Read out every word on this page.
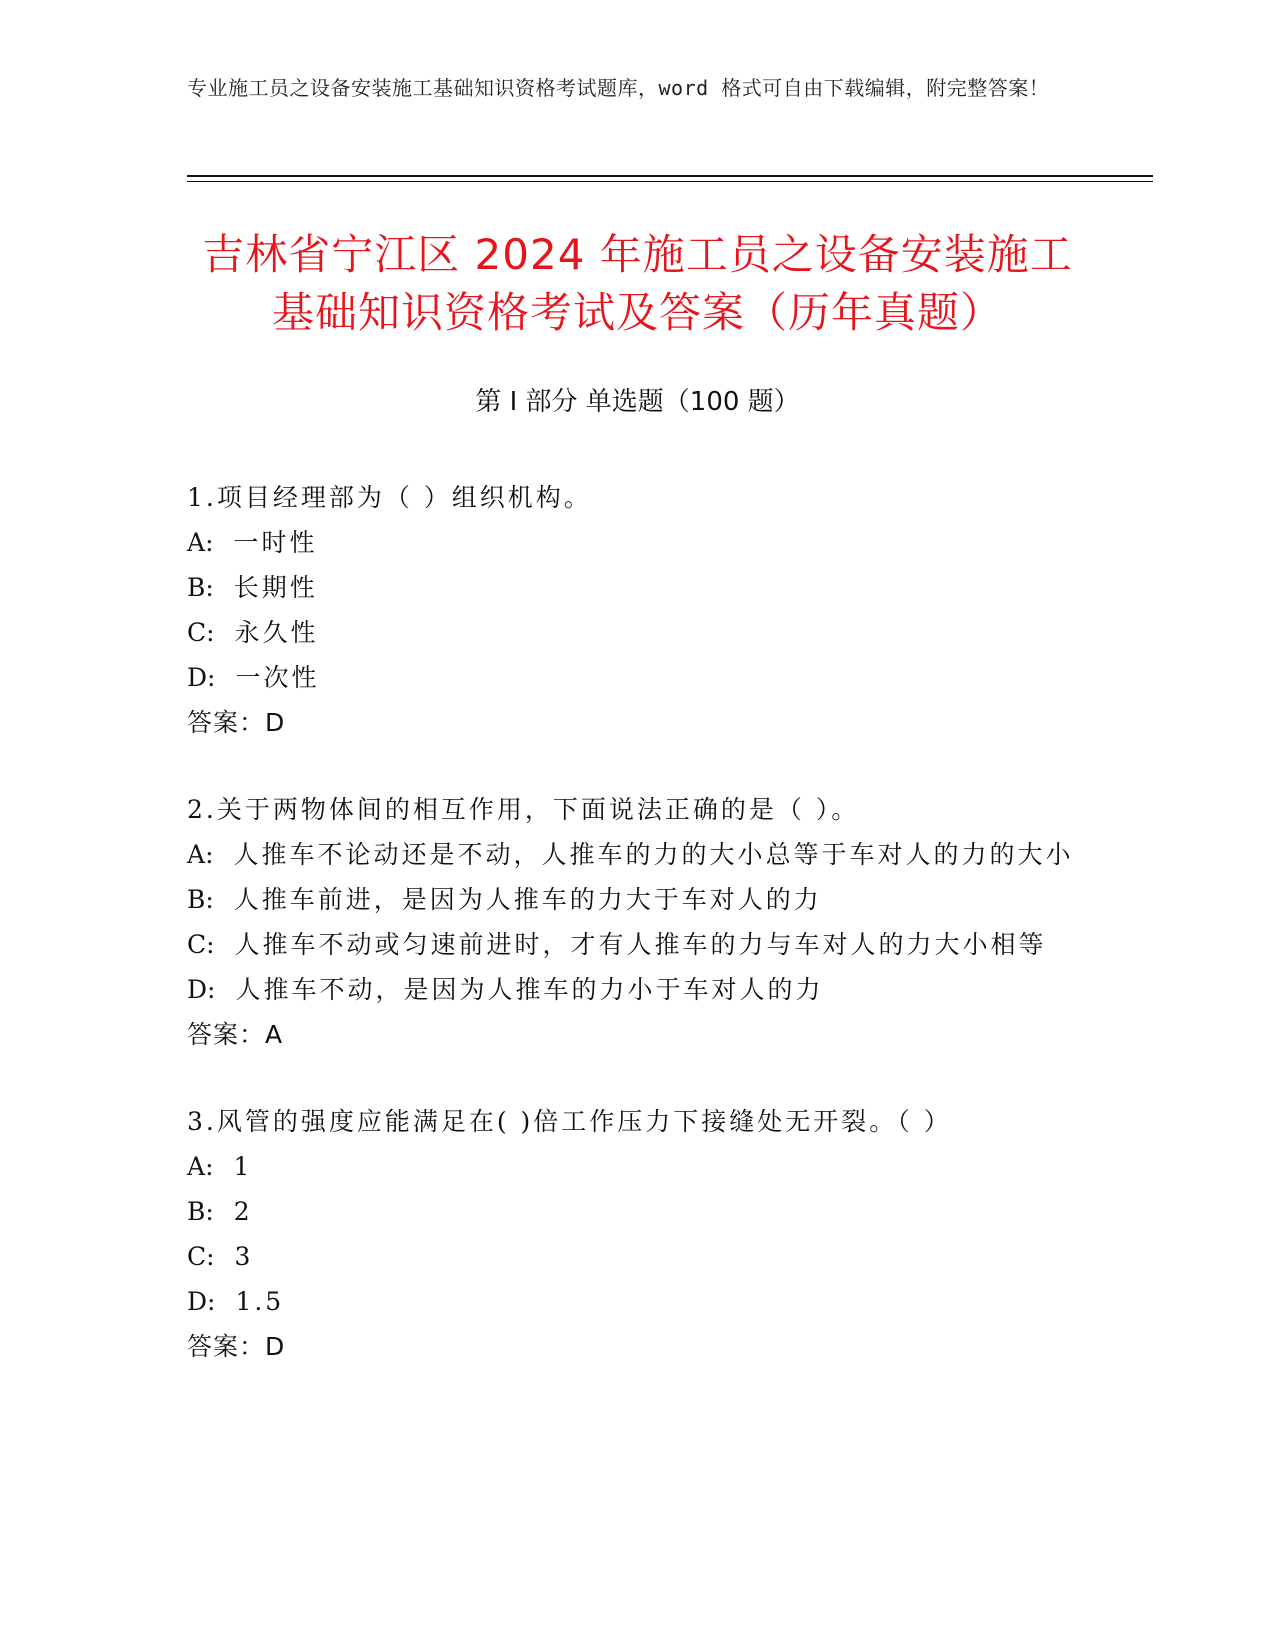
专业施工员之设备安装施工基础知识资格考试题库，word 格式可自由下载编辑，附完整答案！
吉林省宁江区 2024 年施工员之设备安装施工
基础知识资格考试及答案（历年真题）
第 I 部分 单选题（100 题）

1.项目经理部为（ ）组织机构。

A: 一时性

B: 长期性

C: 永久性

D: 一次性

答案：D

2.关于两物体间的相互作用，下面说法正确的是（ ）。

A: 人推车不论动还是不动，人推车的力的大小总等于车对人的力的大小

B: 人推车前进，是因为人推车的力大于车对人的力

C: 人推车不动或匀速前进时，才有人推车的力与车对人的力大小相等

D: 人推车不动，是因为人推车的力小于车对人的力

答案：A

3.风管的强度应能满足在( )倍工作压力下接缝处无开裂。（ ）

A: 1

B: 2

C: 3

D: 1.5

答案：D
